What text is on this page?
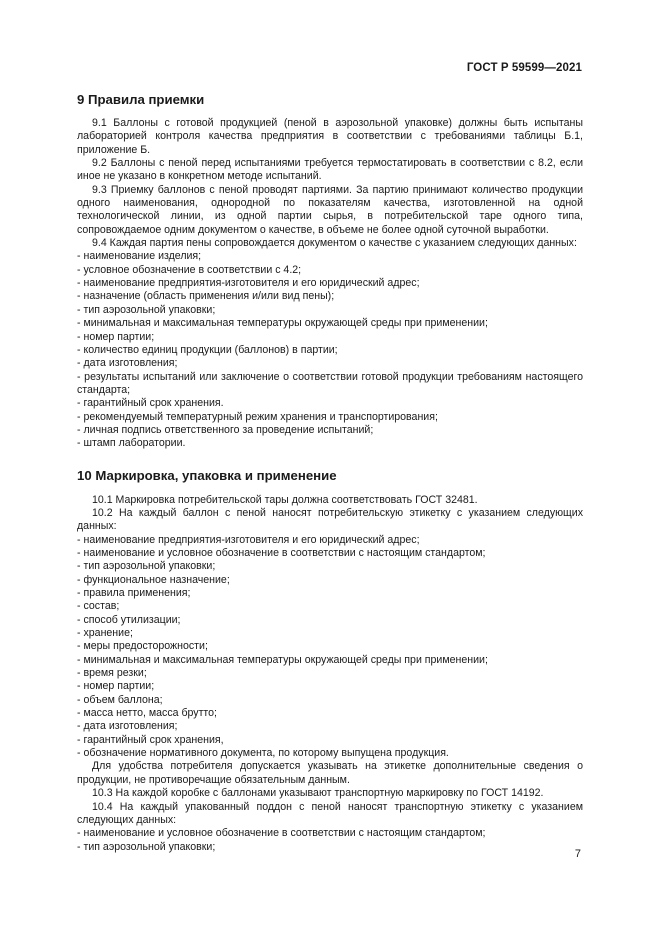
ГОСТ Р 59599—2021
9 Правила приемки

9.1 Баллоны с готовой продукцией (пеной в аэрозольной упаковке) должны быть испытаны лабораторией контроля качества предприятия в соответствии с требованиями таблицы Б.1, приложение Б.

9.2 Баллоны с пеной перед испытаниями требуется термостатировать в соответствии с 8.2, если иное не указано в конкретном методе испытаний.

9.3 Приемку баллонов с пеной проводят партиями. За партию принимают количество продукции одного наименования, однородной по показателям качества, изготовленной на одной технологической линии, из одной партии сырья, в потребительской таре одного типа, сопровождаемое одним документом о качестве, в объеме не более одной суточной выработки.

9.4 Каждая партия пены сопровождается документом о качестве с указанием следующих данных:

- наименование изделия;
- условное обозначение в соответствии с 4.2;
- наименование предприятия-изготовителя и его юридический адрес;
- назначение (область применения и/или вид пены);
- тип аэрозольной упаковки;
- минимальная и максимальная температуры окружающей среды при применении;
- номер партии;
- количество единиц продукции (баллонов) в партии;
- дата изготовления;
- результаты испытаний или заключение о соответствии готовой продукции требованиям настоящего стандарта;
- гарантийный срок хранения.
- рекомендуемый температурный режим хранения и транспортирования;
- личная подпись ответственного за проведение испытаний;
- штамп лаборатории.
10 Маркировка, упаковка и применение

10.1 Маркировка потребительской тары должна соответствовать ГОСТ 32481.

10.2 На каждый баллон с пеной наносят потребительскую этикетку с указанием следующих данных:

- наименование предприятия-изготовителя и его юридический адрес;
- наименование и условное обозначение в соответствии с настоящим стандартом;
- тип аэрозольной упаковки;
- функциональное назначение;
- правила применения;
- состав;
- способ утилизации;
- хранение;
- меры предосторожности;
- минимальная и максимальная температуры окружающей среды при применении;
- время резки;
- номер партии;
- объем баллона;
- масса нетто, масса брутто;
- дата изготовления;
- гарантийный срок хранения,
- обозначение нормативного документа, по которому выпущена продукция.

Для удобства потребителя допускается указывать на этикетке дополнительные сведения о продукции, не противоречащие обязательным данным.

10.3 На каждой коробке с баллонами указывают транспортную маркировку по ГОСТ 14192.

10.4 На каждый упакованный поддон с пеной наносят транспортную этикетку с указанием следующих данных:

- наименование и условное обозначение в соответствии с настоящим стандартом;
- тип аэрозольной упаковки;
7
